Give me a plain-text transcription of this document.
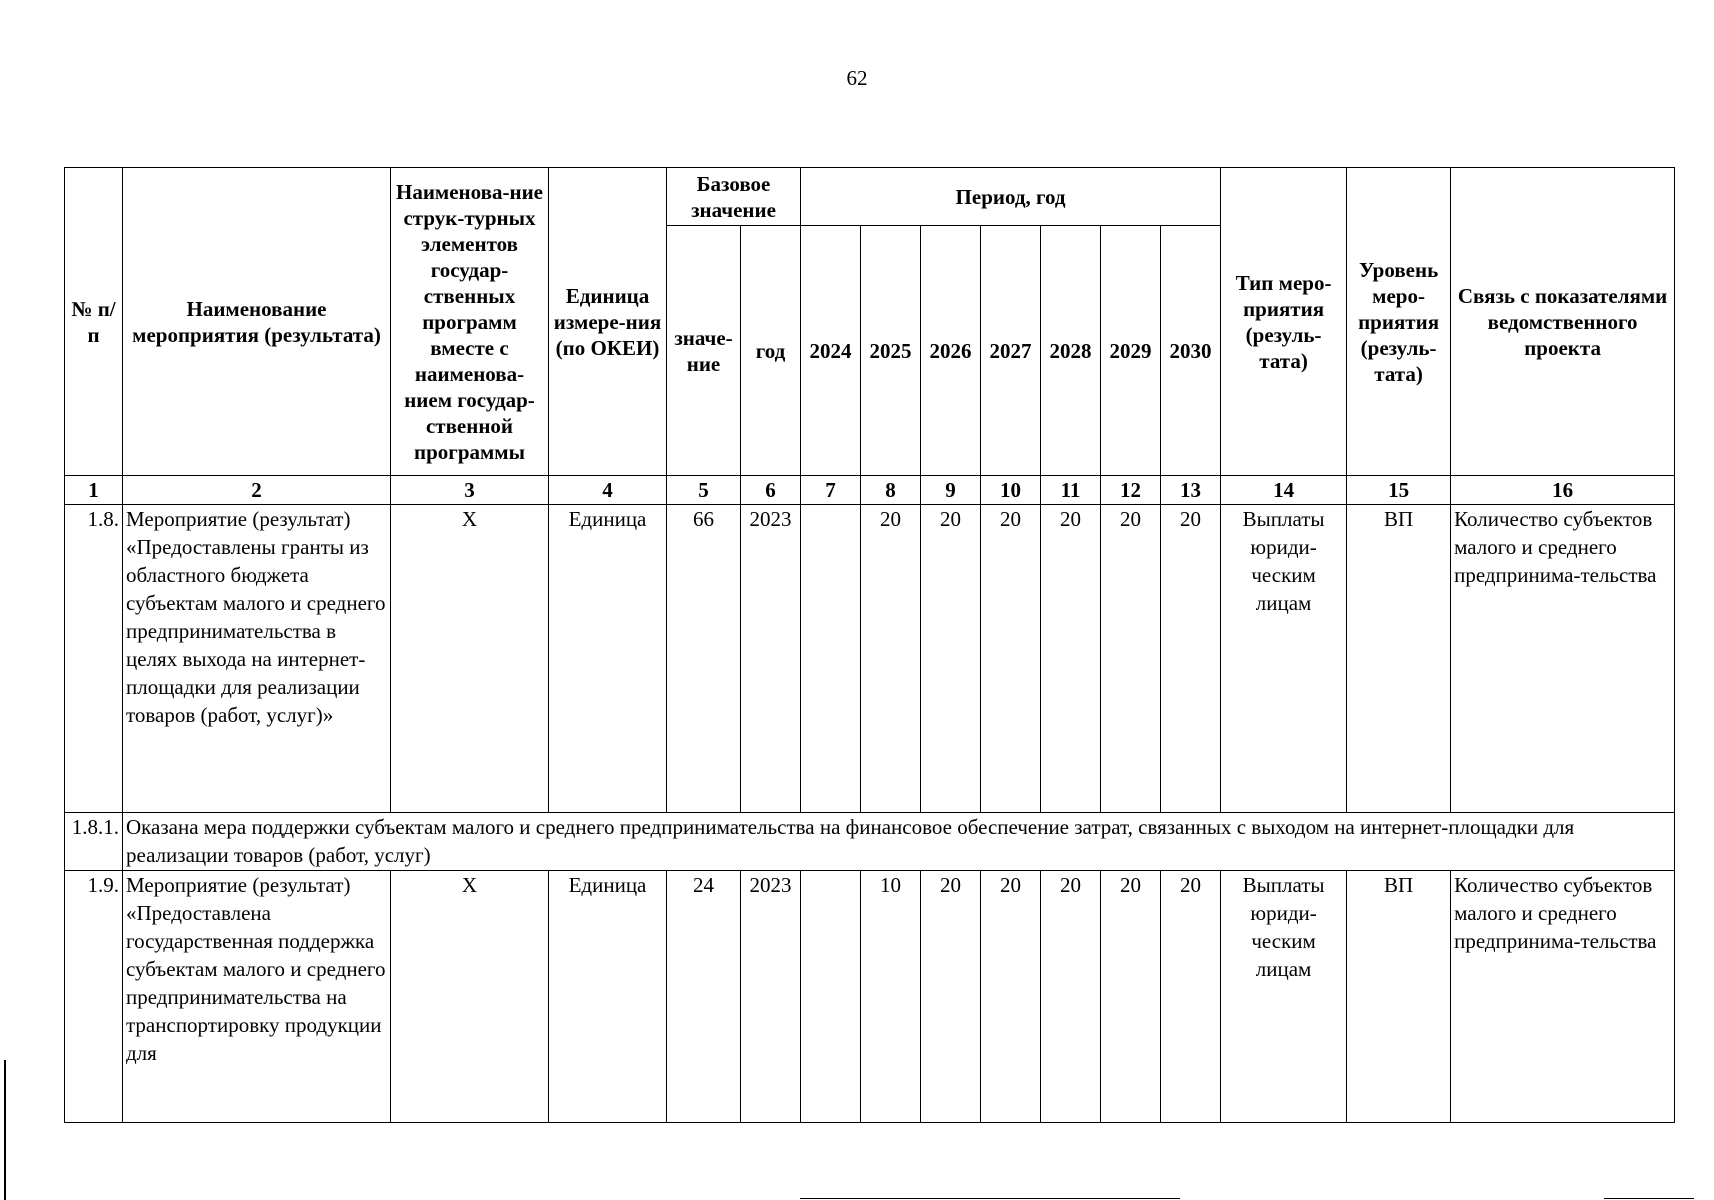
62
№ п/п	Наименование мероприятия (результата)	Наименова-ние струк-турных элементов государ-ственных программ вместе с наименова-нием государ-ственной программы	Единица измере-ния (по ОКЕИ)	Базовое значение		Период, год							Тип меро-приятия (резуль-тата)	Уровень меро-приятия (резуль-тата)	Связь с показателями ведомственного проекта
				значе-ние	год	2024	2025	2026	2027	2028	2029	2030			
1	2	3	4	5	6	7	8	9	10	11	12	13	14	15	16
1.8.	Мероприятие (результат) «Предоставлены гранты из областного бюджета субъектам малого и среднего предпринимательства в целях выхода на интернет-площадки для реализации товаров (работ, услуг)»	Х	Единица	66	2023		20	20	20	20	20	20	Выплаты юриди-ческим лицам	ВП	Количество субъектов малого и среднего предпринима-тельства
1.8.1.	Оказана мера поддержки субъектам малого и среднего предпринимательства на финансовое обеспечение затрат, связанных с выходом на интернет-площадки для реализации товаров (работ, услуг)														
1.9.	Мероприятие (результат) «Предоставлена государственная поддержка субъектам малого и среднего предпринимательства на транспортировку продукции для	Х	Единица	24	2023		10	20	20	20	20	20	Выплаты юриди-ческим лицам	ВП	Количество субъектов малого и среднего предпринима-тельства
